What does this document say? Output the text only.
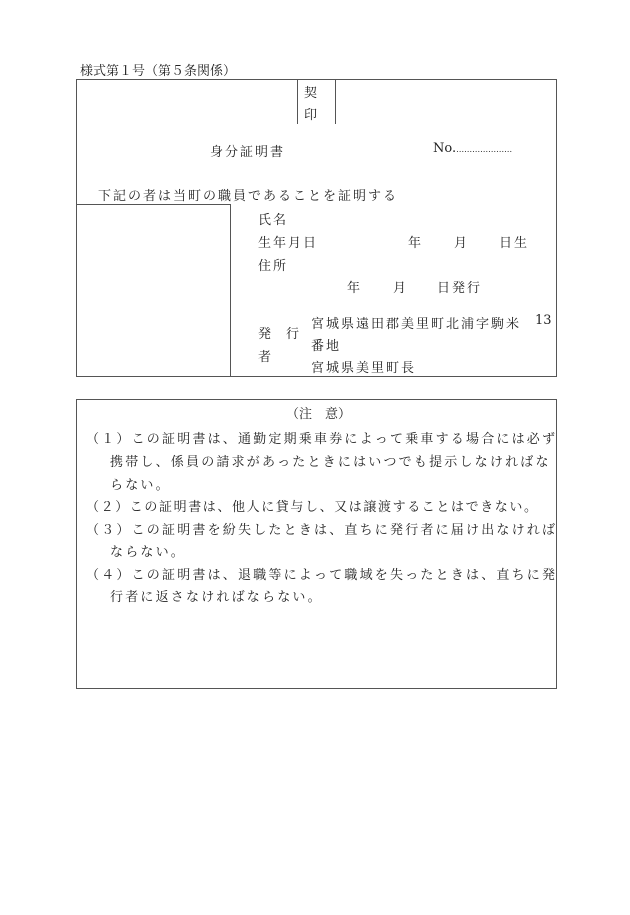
様式第１号（第５条関係）
契
印
身分証明書	No.…………………
下記の者は当町の職員であることを証明する
氏名
生年月日	年	月 日生
住所
年	月 日発行
発 行
者
宮城県遠田郡美里町北浦字駒米 13
番地
宮城県美里町長
（注　意）
（１）この証明書は、通勤定期乗車券によって乗車する場合には必ず
携帯し、係員の請求があったときにはいつでも提示しなければな
らない。
（２）この証明書は、他人に貸与し、又は譲渡することはできない。
（３）この証明書を紛失したときは、直ちに発行者に届け出なければ
ならない。
（４）この証明書は、退職等によって職域を失ったときは、直ちに発
行者に返さなければならない。
